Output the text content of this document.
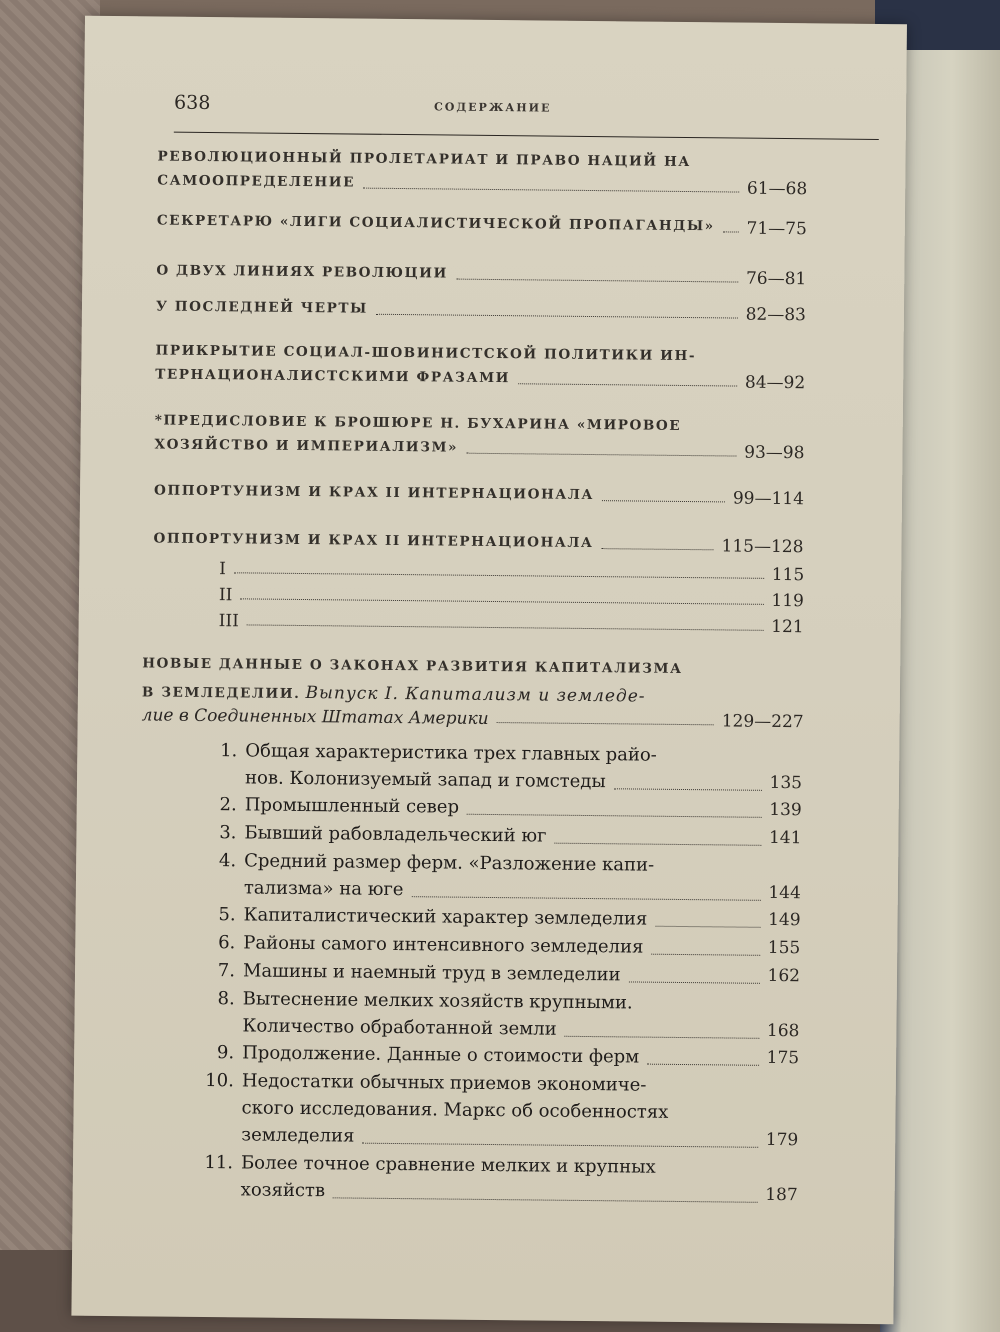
638	СОДЕРЖАНИЕ
РЕВОЛЮЦИОННЫЙ ПРОЛЕТАРИАТ И ПРАВО НАЦИЙ НА
САМООПРЕДЕЛЕНИЕ	61—68
СЕКРЕТАРЮ «ЛИГИ СОЦИАЛИСТИЧЕСКОЙ ПРОПАГАНДЫ» 71—75
О ДВУХ ЛИНИЯХ РЕВОЛЮЦИИ	76—81
У ПОСЛЕДНЕЙ ЧЕРТЫ	82—83
ПРИКРЫТИЕ СОЦИАЛ-ШОВИНИСТСКОЙ ПОЛИТИКИ ИН-
ТЕРНАЦИОНАЛИСТСКИМИ ФРАЗАМИ	84—92
*ПРЕДИСЛОВИЕ К БРОШЮРЕ Н. БУХАРИНА «МИРОВОЕ
ХОЗЯЙСТВО И ИМПЕРИАЛИЗМ»	93—98
ОППОРТУНИЗМ И КРАХ II ИНТЕРНАЦИОНАЛА	99—114
ОППОРТУНИЗМ И КРАХ II ИНТЕРНАЦИОНАЛА	115—128
I	115
II	119
III	121
НОВЫЕ ДАННЫЕ О ЗАКОНАХ РАЗВИТИЯ КАПИТАЛИЗМА
В ЗЕМЛЕДЕЛИИ. Выпуск I. Капитализм и земледе-
лие в Соединенных Штатах Америки	129—227
1. Общая характеристика трех главных райо-
нов. Колонизуемый запад и гомстеды	135
2. Промышленный север	139
3. Бывший рабовладельческий юг	141
4. Средний размер ферм. «Разложение капи-
тализма» на юге	144
5. Капиталистический характер земледелия	149
6. Районы самого интенсивного земледелия	155
7. Машины и наемный труд в земледелии	162
8. Вытеснение мелких хозяйств крупными.
Количество обработанной земли	168
9. Продолжение. Данные о стоимости ферм	175
10. Недостатки обычных приемов экономиче-
ского исследования. Маркс об особенностях
земледелия	179
11. Более точное сравнение мелких и крупных
хозяйств	187
